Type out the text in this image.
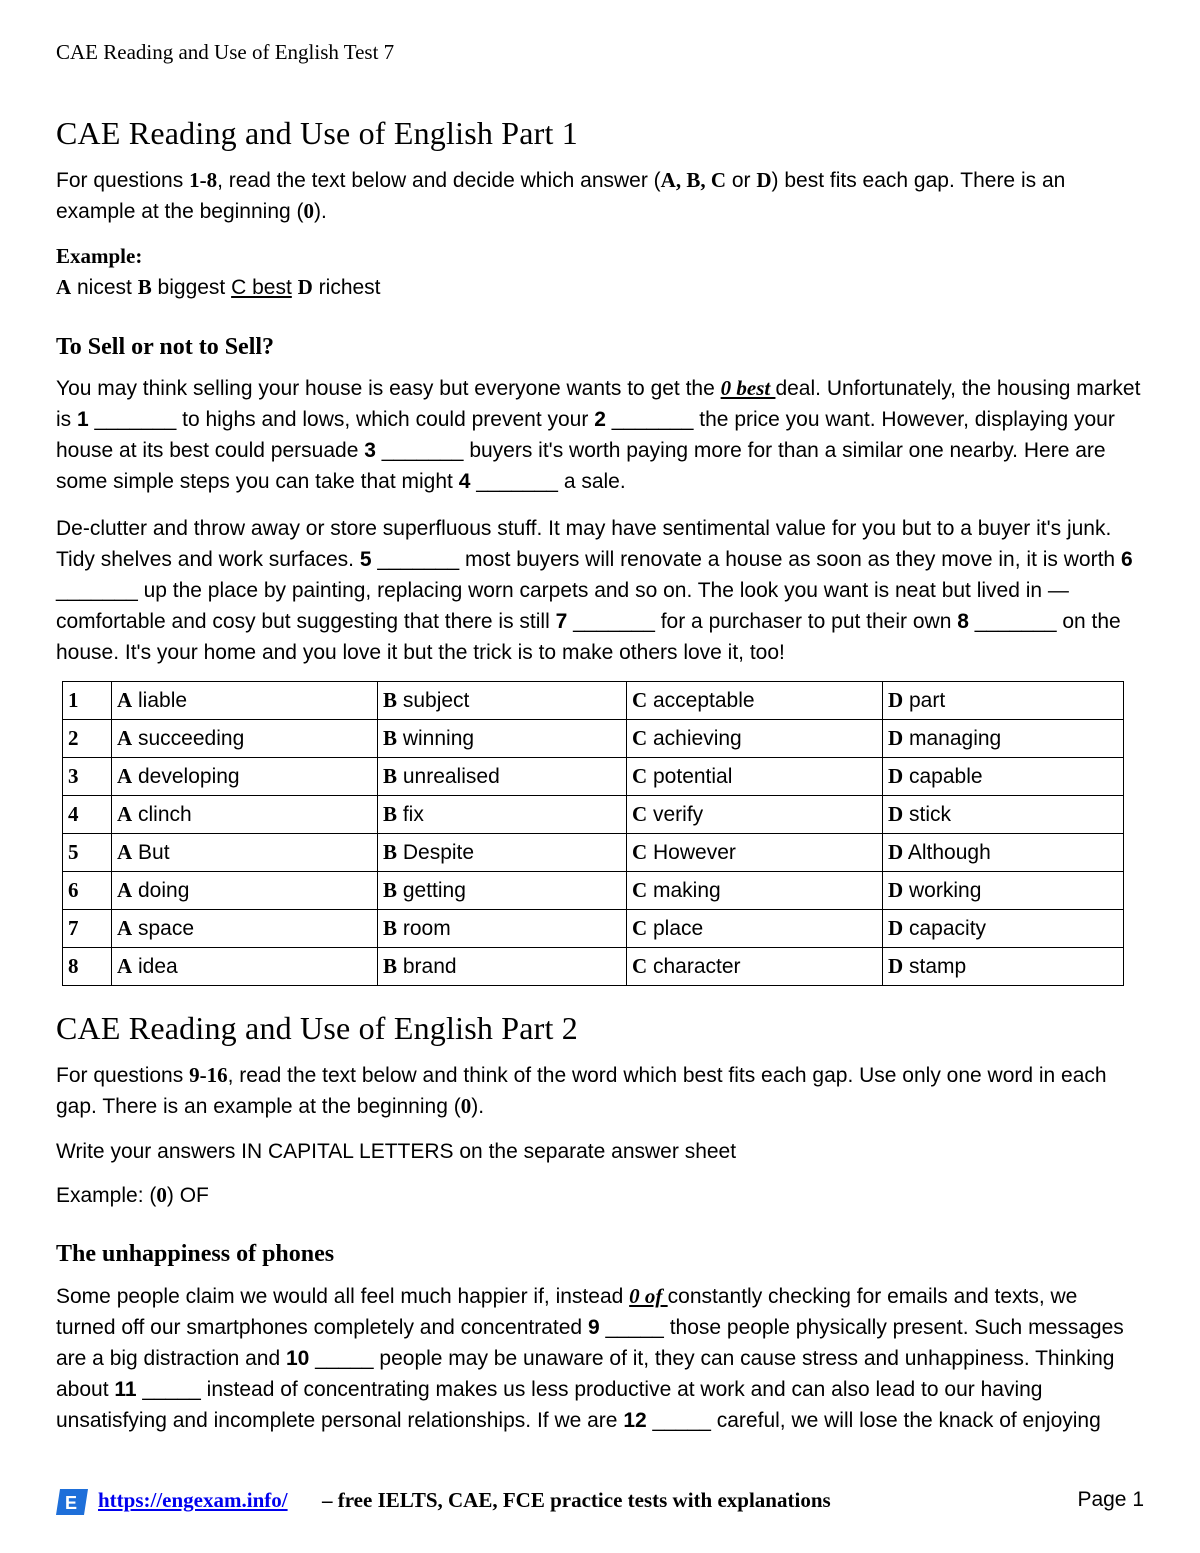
CAE Reading and Use of English Test 7
CAE Reading and Use of English Part 1

For questions 1-8, read the text below and decide which answer (A, B, C or D) best fits each gap. There is an example at the beginning (0).

Example:

A nicest B biggest C best D richest

To Sell or not to Sell?

You may think selling your house is easy but everyone wants to get the 0 best deal. Unfortunately, the housing market is 1 _______ to highs and lows, which could prevent your 2 _______ the price you want. However, displaying your house at its best could persuade 3 _______ buyers it's worth paying more for than a similar one nearby. Here are some simple steps you can take that might 4 _______ a sale.

De-clutter and throw away or store superfluous stuff. It may have sentimental value for you but to a buyer it's junk. Tidy shelves and work surfaces. 5 _______ most buyers will renovate a house as soon as they move in, it is worth 6 _______ up the place by painting, replacing worn carpets and so on. The look you want is neat but lived in — comfortable and cosy but suggesting that there is still 7 _______ for a purchaser to put their own 8 _______ on the house. It's your home and you love it but the trick is to make others love it, too!

1	A liable	B subject	C acceptable	D part
2	A succeeding	B winning	C achieving	D managing
3	A developing	B unrealised	C potential	D capable
4	A clinch	B fix	C verify	D stick
5	A But	B Despite	C However	D Although
6	A doing	B getting	C making	D working
7	A space	B room	C place	D capacity
8	A idea	B brand	C character	D stamp
CAE Reading and Use of English Part 2

For questions 9-16, read the text below and think of the word which best fits each gap. Use only one word in each gap. There is an example at the beginning (0).

Write your answers IN CAPITAL LETTERS on the separate answer sheet

Example: (0) OF

The unhappiness of phones

Some people claim we would all feel much happier if, instead 0 of constantly checking for emails and texts, we turned off our smartphones completely and concentrated 9 _____ those people physically present. Such messages are a big distraction and 10 _____ people may be unaware of it, they can cause stress and unhappiness. Thinking about 11 _____ instead of concentrating makes us less productive at work and can also lead to our having unsatisfying and incomplete personal relationships. If we are 12 _____ careful, we will lose the knack of enjoying

E https://engexam.info/ – free IELTS, CAE, FCE practice tests with explanations	Page 1
